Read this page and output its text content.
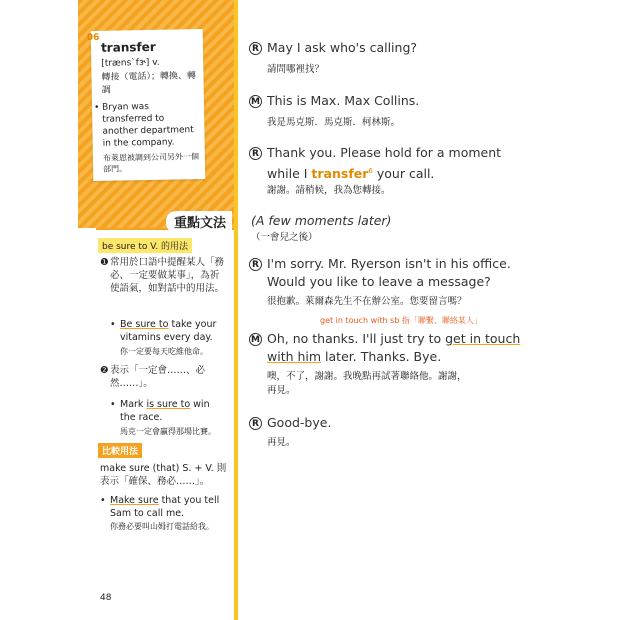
06
transfer
[træns`fɝ] v.
轉接（電話）；轉換、轉調
• Bryan was transferred to another department in the company.
布萊恩被調到公司另外一個部門。
重點文法
be sure to V. 的用法
❶ 常用於口語中提醒某人「務必、一定要做某事」，為祈使語氣，如對話中的用法。
• Be sure to take your vitamins every day.
你一定要每天吃維他命。
❷ 表示「一定會……、必然……」。
• Mark is sure to win the race.
馬克一定會贏得那場比賽。
比較用法
make sure (that) S. + V. 則表示「確保、務必……」。
• Make sure that you tell Sam to call me.
你務必要叫山姆打電話給我。
48
R May I ask who's calling?
請問哪裡找？
M This is Max. Max Collins.
我是馬克斯．馬克斯．柯林斯。
R Thank you. Please hold for a moment
while I transfer$^6$ your call.
謝謝。請稍候，我為您轉接。
(A few moments later)
（一會兒之後）
R I'm sorry. Mr. Ryerson isn't in his office.
Would you like to leave a message?
很抱歉。萊爾森先生不在辦公室。您要留言嗎？
get in touch with sb 指「聯繫、聯絡某人」
M Oh, no thanks. I'll just try to get in touch
with him later. Thanks. Bye.
噢，不了，謝謝。我晚點再試著聯絡他。謝謝，
再見。
R Good-bye.
再見。
